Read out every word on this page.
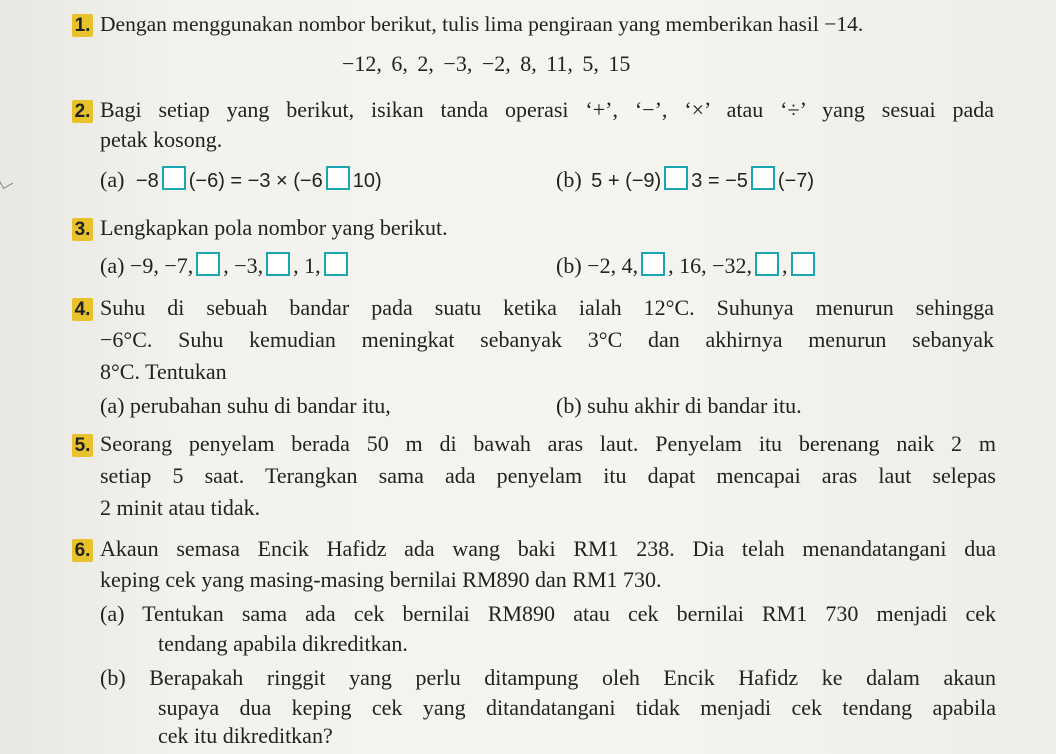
1. Dengan menggunakan nombor berikut, tulis lima pengiraan yang memberikan hasil −14.
−12, 6, 2, −3, −2, 8, 11, 5, 15
2. Bagi setiap yang berikut, isikan tanda operasi ‘+’, ‘−’, ‘×’ atau ‘÷’ yang sesuai pada
petak kosong.
(a) −8 (−6) = −3 × (−6 10)	(b) 5 + (−9) 3 = −5 (−7)
3. Lengkapkan pola nombor yang berikut.
(a) −9, −7, , −3, , 1,	(b) −2, 4, , 16, −32, ,
4. Suhu di sebuah bandar pada suatu ketika ialah 12°C. Suhunya menurun sehingga
−6°C. Suhu kemudian meningkat sebanyak 3°C dan akhirnya menurun sebanyak
8°C. Tentukan
(a) perubahan suhu di bandar itu,	(b) suhu akhir di bandar itu.
5. Seorang penyelam berada 50 m di bawah aras laut. Penyelam itu berenang naik 2 m
setiap 5 saat. Terangkan sama ada penyelam itu dapat mencapai aras laut selepas
2 minit atau tidak.
6. Akaun semasa Encik Hafidz ada wang baki RM1 238. Dia telah menandatangani dua
keping cek yang masing-masing bernilai RM890 dan RM1 730.
(a) Tentukan sama ada cek bernilai RM890 atau cek bernilai RM1 730 menjadi cek
tendang apabila dikreditkan.
(b) Berapakah ringgit yang perlu ditampung oleh Encik Hafidz ke dalam akaun
supaya dua keping cek yang ditandatangani tidak menjadi cek tendang apabila
cek itu dikreditkan?
